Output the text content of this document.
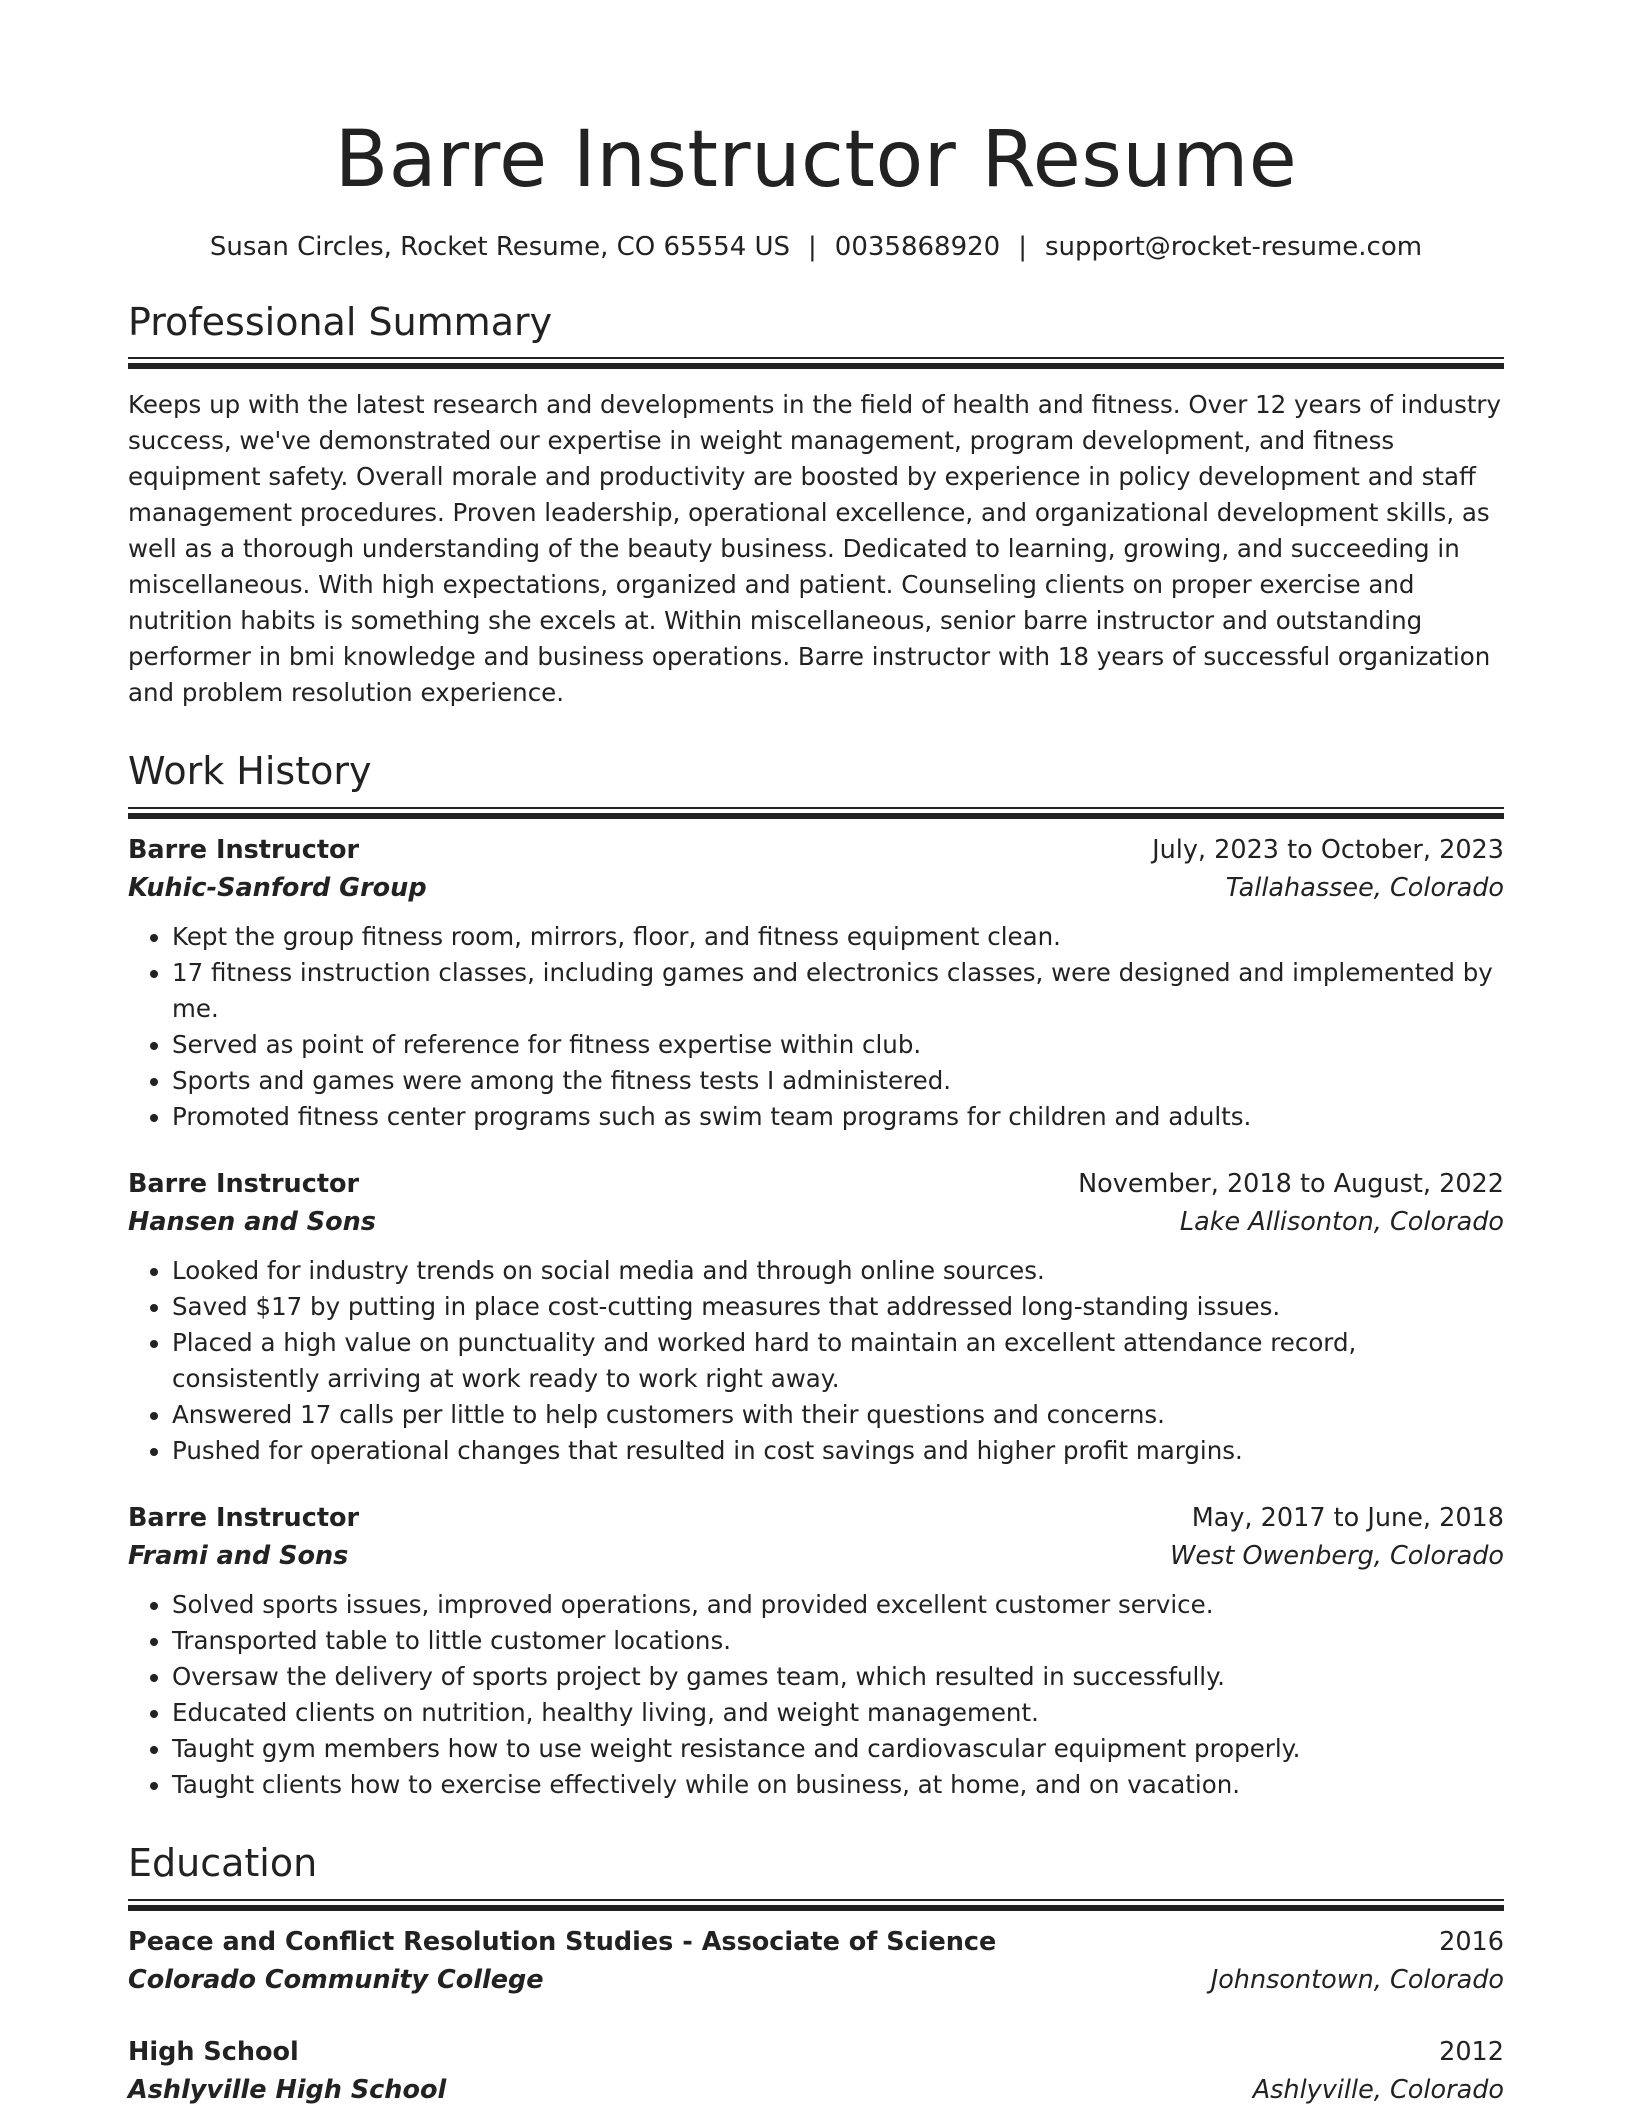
Barre Instructor Resume
Susan Circles, Rocket Resume, CO 65554 US | 0035868920 | support@rocket-resume.com
Professional Summary
Keeps up with the latest research and developments in the field of health and fitness. Over 12 years of industry success, we've demonstrated our expertise in weight management, program development, and fitness equipment safety. Overall morale and productivity are boosted by experience in policy development and staff management procedures. Proven leadership, operational excellence, and organizational development skills, as well as a thorough understanding of the beauty business. Dedicated to learning, growing, and succeeding in miscellaneous. With high expectations, organized and patient. Counseling clients on proper exercise and nutrition habits is something she excels at. Within miscellaneous, senior barre instructor and outstanding performer in bmi knowledge and business operations. Barre instructor with 18 years of successful organization and problem resolution experience.
Work History
Barre Instructor	July, 2023 to October, 2023
Kuhic-Sanford Group	Tallahassee, Colorado
• Kept the group fitness room, mirrors, floor, and fitness equipment clean.
• 17 fitness instruction classes, including games and electronics classes, were designed and implemented by me.
• Served as point of reference for fitness expertise within club.
• Sports and games were among the fitness tests I administered.
• Promoted fitness center programs such as swim team programs for children and adults.
Barre Instructor	November, 2018 to August, 2022
Hansen and Sons	Lake Allisonton, Colorado
• Looked for industry trends on social media and through online sources.
• Saved $17 by putting in place cost-cutting measures that addressed long-standing issues.
• Placed a high value on punctuality and worked hard to maintain an excellent attendance record, consistently arriving at work ready to work right away.
• Answered 17 calls per little to help customers with their questions and concerns.
• Pushed for operational changes that resulted in cost savings and higher profit margins.
Barre Instructor	May, 2017 to June, 2018
Frami and Sons	West Owenberg, Colorado
• Solved sports issues, improved operations, and provided excellent customer service.
• Transported table to little customer locations.
• Oversaw the delivery of sports project by games team, which resulted in successfully.
• Educated clients on nutrition, healthy living, and weight management.
• Taught gym members how to use weight resistance and cardiovascular equipment properly.
• Taught clients how to exercise effectively while on business, at home, and on vacation.
Education
Peace and Conflict Resolution Studies - Associate of Science	2016
Colorado Community College	Johnsontown, Colorado
High School	2012
Ashlyville High School	Ashlyville, Colorado
